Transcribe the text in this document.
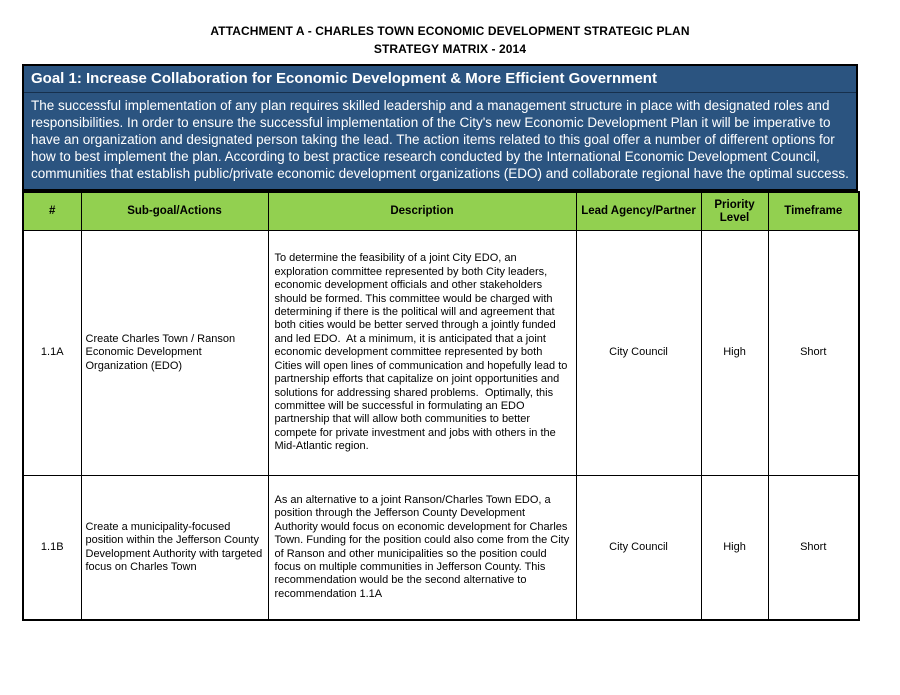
ATTACHMENT A - CHARLES TOWN ECONOMIC DEVELOPMENT STRATEGIC PLAN
STRATEGY MATRIX - 2014
Goal 1: Increase Collaboration for Economic Development & More Efficient Government
The successful implementation of any plan requires skilled leadership and a management structure in place with designated roles and responsibilities. In order to ensure the successful implementation of the City's new Economic Development Plan it will be imperative to have an organization and designated person taking the lead. The action items related to this goal offer a number of different options for how to best implement the plan. According to best practice research conducted by the International Economic Development Council, communities that establish public/private economic development organizations (EDO) and collaborate regional have the optimal success.
#	Sub-goal/Actions	Description	Lead Agency/Partner	Priority Level	Timeframe
1.1A	Create Charles Town / Ranson Economic Development Organization (EDO)	To determine the feasibility of a joint City EDO, an exploration committee represented by both City leaders, economic development officials and other stakeholders should be formed. This committee would be charged with determining if there is the political will and agreement that both cities would be better served through a jointly funded and led EDO.  At a minimum, it is anticipated that a joint economic development committee represented by both Cities will open lines of communication and hopefully lead to partnership efforts that capitalize on joint opportunities and solutions for addressing shared problems.  Optimally, this committee will be successful in formulating an EDO partnership that will allow both communities to better compete for private investment and jobs with others in the Mid-Atlantic region.	City Council	High	Short
1.1B	Create a municipality-focused position within the Jefferson County Development Authority with targeted focus on Charles Town	As an alternative to a joint Ranson/Charles Town EDO, a position through the Jefferson County Development Authority would focus on economic development for Charles Town. Funding for the position could also come from the City of Ranson and other municipalities so the position could focus on multiple communities in Jefferson County. This recommendation would be the second alternative to recommendation 1.1A	City Council	High	Short
